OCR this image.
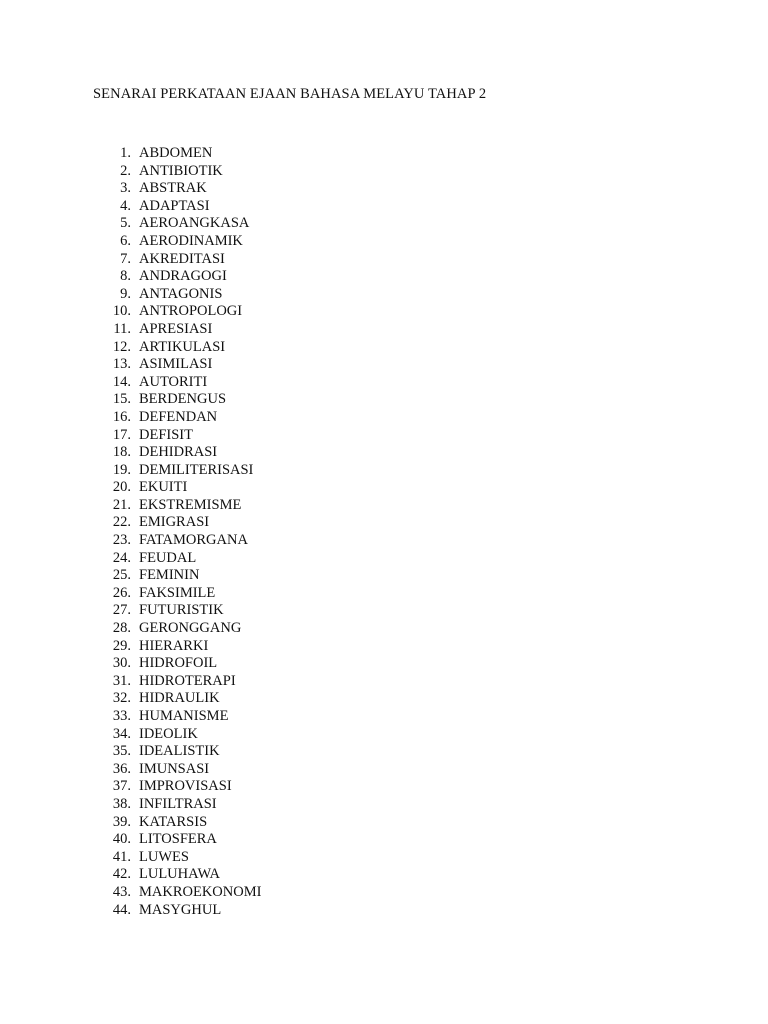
SENARAI PERKATAAN EJAAN BAHASA MELAYU TAHAP 2
1. ABDOMEN
2. ANTIBIOTIK
3. ABSTRAK
4. ADAPTASI
5. AEROANGKASA
6. AERODINAMIK
7. AKREDITASI
8. ANDRAGOGI
9. ANTAGONIS
10. ANTROPOLOGI
11. APRESIASI
12. ARTIKULASI
13. ASIMILASI
14. AUTORITI
15. BERDENGUS
16. DEFENDAN
17. DEFISIT
18. DEHIDRASI
19. DEMILITERISASI
20. EKUITI
21. EKSTREMISME
22. EMIGRASI
23. FATAMORGANA
24. FEUDAL
25. FEMININ
26. FAKSIMILE
27. FUTURISTIK
28. GERONGGANG
29. HIERARKI
30. HIDROFOIL
31. HIDROTERAPI
32. HIDRAULIK
33. HUMANISME
34. IDEOLIK
35. IDEALISTIK
36. IMUNSASI
37. IMPROVISASI
38. INFILTRASI
39. KATARSIS
40. LITOSFERA
41. LUWES
42. LULUHAWA
43. MAKROEKONOMI
44. MASYGHUL
